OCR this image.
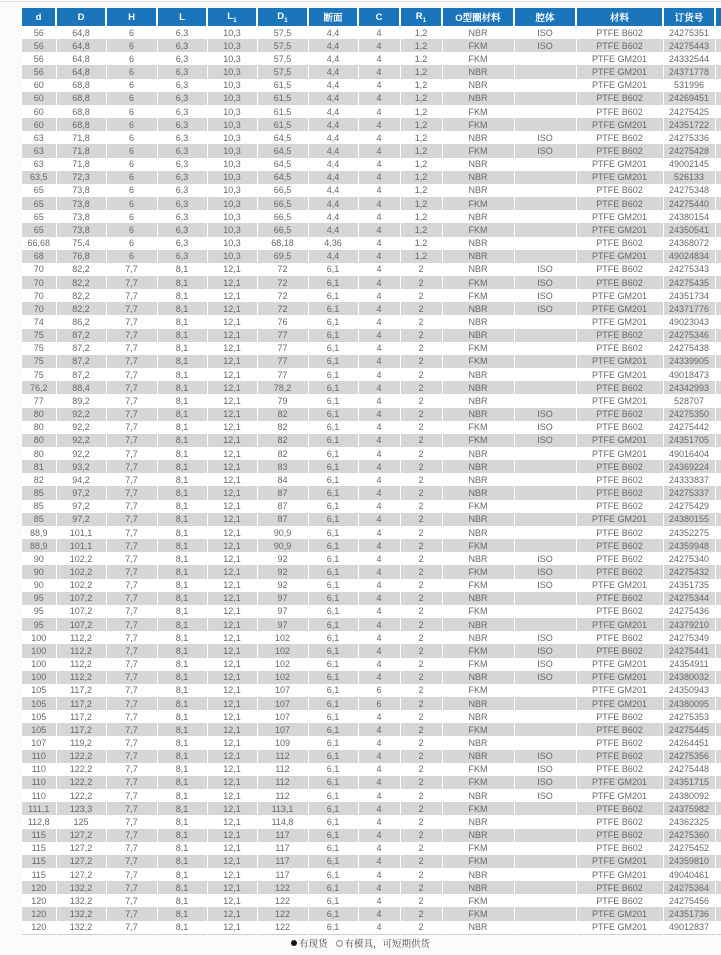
d	D	H	L	$L_1$	$D_1$	断面	C	$R_1$	O型圈材料	腔体	材料	订货号	
56	64,8	6	6,3	10,3	57,5	4,4	4	1,2	NBR	ISO	PTFE B602	24275351	
56	64,8	6	6,3	10,3	57,5	4,4	4	1,2	FKM	ISO	PTFE B602	24275443	
56	64,8	6	6,3	10,3	57,5	4,4	4	1,2	FKM		PTFE GM201	24332544	
56	64,8	6	6,3	10,3	57,5	4,4	4	1,2	NBR		PTFE GM201	24371778	
60	68,8	6	6,3	10,3	61,5	4,4	4	1,2	NBR		PTFE GM201	531996	
60	68,8	6	6,3	10,3	61,5	4,4	4	1,2	NBR		PTFE B602	24269451	
60	68,8	6	6,3	10,3	61,5	4,4	4	1,2	FKM		PTFE B602	24275425	
60	68,8	6	6,3	10,3	61,5	4,4	4	1,2	FKM		PTFE GM201	24351722	
63	71,8	6	6,3	10,3	64,5	4,4	4	1,2	NBR	ISO	PTFE B602	24275336	
63	71,8	6	6,3	10,3	64,5	4,4	4	1,2	FKM	ISO	PTFE B602	24275428	
63	71,8	6	6,3	10,3	64,5	4,4	4	1,2	NBR		PTFE GM201	49002145	
63,5	72,3	6	6,3	10,3	64,5	4,4	4	1,2	NBR		PTFE GM201	526133	
65	73,8	6	6,3	10,3	66,5	4,4	4	1,2	NBR		PTFE B602	24275348	
65	73,8	6	6,3	10,3	66,5	4,4	4	1,2	FKM		PTFE B602	24275440	
65	73,8	6	6,3	10,3	66,5	4,4	4	1,2	NBR		PTFE GM201	24380154	
65	73,8	6	6,3	10,3	66,5	4,4	4	1,2	FKM		PTFE GM201	24350541	
66,68	75,4	6	6,3	10,3	68,18	4,36	4	1,2	NBR		PTFE B602	24368072	
68	76,8	6	6,3	10,3	69,5	4,4	4	1,2	NBR		PTFE GM201	49024834	
70	82,2	7,7	8,1	12,1	72	6,1	4	2	NBR	ISO	PTFE B602	24275343	
70	82,2	7,7	8,1	12,1	72	6,1	4	2	FKM	ISO	PTFE B602	24275435	
70	82,2	7,7	8,1	12,1	72	6,1	4	2	FKM	ISO	PTFE GM201	24351734	
70	82,2	7,7	8,1	12,1	72	6,1	4	2	NBR	ISO	PTFE GM201	24371776	
74	86,2	7,7	8,1	12,1	76	6,1	4	2	NBR		PTFE GM201	49023043	
75	87,2	7,7	8,1	12,1	77	6,1	4	2	NBR		PTFE B602	24275346	
75	87,2	7,7	8,1	12,1	77	6,1	4	2	FKM		PTFE B602	24275438	
75	87,2	7,7	8,1	12,1	77	6,1	4	2	FKM		PTFE GM201	24339905	
75	87,2	7,7	8,1	12,1	77	6,1	4	2	NBR		PTFE GM201	49018473	
76,2	88,4	7,7	8,1	12,1	78,2	6,1	4	2	NBR		PTFE B602	24342993	
77	89,2	7,7	8,1	12,1	79	6,1	4	2	NBR		PTFE GM201	528707	
80	92,2	7,7	8,1	12,1	82	6,1	4	2	NBR	ISO	PTFE B602	24275350	
80	92,2	7,7	8,1	12,1	82	6,1	4	2	FKM	ISO	PTFE B602	24275442	
80	92,2	7,7	8,1	12,1	82	6,1	4	2	FKM	ISO	PTFE GM201	24351705	
80	92,2	7,7	8,1	12,1	82	6,1	4	2	NBR		PTFE GM201	49016404	
81	93,2	7,7	8,1	12,1	83	6,1	4	2	NBR		PTFE B602	24369224	
82	94,2	7,7	8,1	12,1	84	6,1	4	2	NBR		PTFE B602	24333837	
85	97,2	7,7	8,1	12,1	87	6,1	4	2	NBR		PTFE B602	24275337	
85	97,2	7,7	8,1	12,1	87	6,1	4	2	FKM		PTFE B602	24275429	
85	97,2	7,7	8,1	12,1	87	6,1	4	2	NBR		PTFE GM201	24380155	
88,9	101,1	7,7	8,1	12,1	90,9	6,1	4	2	NBR		PTFE B602	24352275	
88,9	101,1	7,7	8,1	12,1	90,9	6,1	4	2	FKM		PTFE B602	24359948	
90	102,2	7,7	8,1	12,1	92	6,1	4	2	NBR	ISO	PTFE B602	24275340	
90	102,2	7,7	8,1	12,1	92	6,1	4	2	FKM	ISO	PTFE B602	24275432	
90	102,2	7,7	8,1	12,1	92	6,1	4	2	FKM	ISO	PTFE GM201	24351735	
95	107,2	7,7	8,1	12,1	97	6,1	4	2	NBR		PTFE B602	24275344	
95	107,2	7,7	8,1	12,1	97	6,1	4	2	FKM		PTFE B602	24275436	
95	107,2	7,7	8,1	12,1	97	6,1	4	2	NBR		PTFE GM201	24379210	
100	112,2	7,7	8,1	12,1	102	6,1	4	2	NBR	ISO	PTFE B602	24275349	
100	112,2	7,7	8,1	12,1	102	6,1	4	2	FKM	ISO	PTFE B602	24275441	
100	112,2	7,7	8,1	12,1	102	6,1	4	2	FKM	ISO	PTFE GM201	24354911	
100	112,2	7,7	8,1	12,1	102	6,1	4	2	NBR	ISO	PTFE GM201	24380032	
105	117,2	7,7	8,1	12,1	107	6,1	6	2	FKM		PTFE GM201	24350943	
105	117,2	7,7	8,1	12,1	107	6,1	6	2	NBR		PTFE GM201	24380095	
105	117,2	7,7	8,1	12,1	107	6,1	4	2	NBR		PTFE B602	24275353	
105	117,2	7,7	8,1	12,1	107	6,1	4	2	FKM		PTFE B602	24275445	
107	119,2	7,7	8,1	12,1	109	6,1	4	2	NBR		PTFE B602	24264451	
110	122,2	7,7	8,1	12,1	112	6,1	4	2	NBR	ISO	PTFE B602	24275356	
110	122,2	7,7	8,1	12,1	112	6,1	4	2	FKM	ISO	PTFE B602	24275448	
110	122,2	7,7	8,1	12,1	112	6,1	4	2	FKM	ISO	PTFE GM201	24351715	
110	122,2	7,7	8,1	12,1	112	6,1	4	2	NBR	ISO	PTFE GM201	24380092	
111,1	123,3	7,7	8,1	12,1	113,1	6,1	4	2	FKM		PTFE B602	24375982	
112,8	125	7,7	8,1	12,1	114,8	6,1	4	2	NBR		PTFE B602	24362325	
115	127,2	7,7	8,1	12,1	117	6,1	4	2	NBR		PTFE B602	24275360	
115	127,2	7,7	8,1	12,1	117	6,1	4	2	FKM		PTFE B602	24275452	
115	127,2	7,7	8,1	12,1	117	6,1	4	2	FKM		PTFE GM201	24359810	
115	127,2	7,7	8,1	12,1	117	6,1	4	2	NBR		PTFE GM201	49040461	
120	132,2	7,7	8,1	12,1	122	6,1	4	2	NBR		PTFE B602	24275364	
120	132,2	7,7	8,1	12,1	122	6,1	4	2	FKM		PTFE B602	24275456	
120	132,2	7,7	8,1	12,1	122	6,1	4	2	FKM		PTFE GM201	24351736	
120	132,2	7,7	8,1	12,1	122	6,1	4	2	NBR		PTFE GM201	49012837	
有现货 有模具，可短期供货
